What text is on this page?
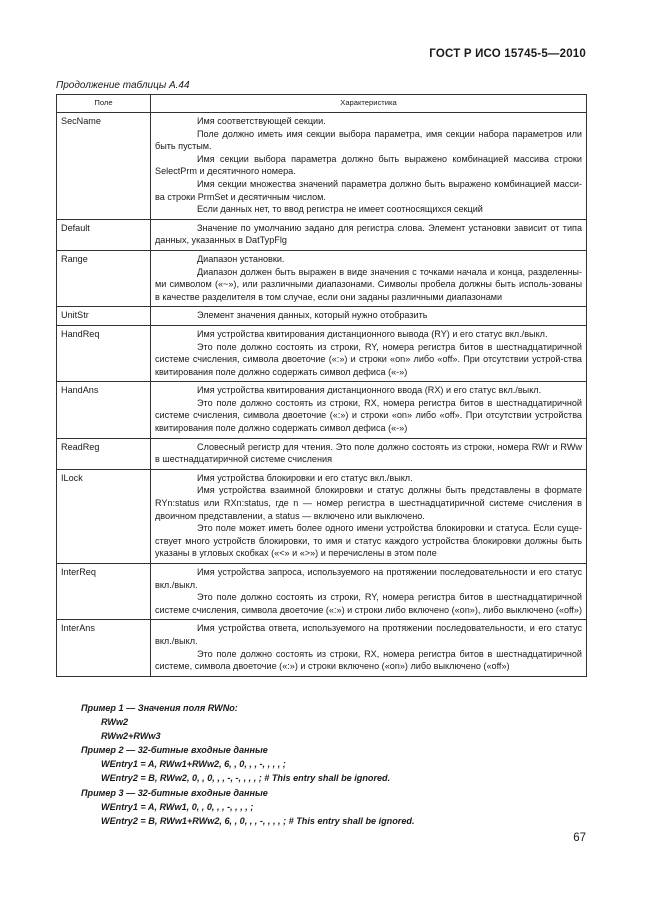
ГОСТ Р ИСО 15745-5—2010
Продолжение таблицы А.44
Поле	Характеристика
SecName	Имя соответствующей секции.

Поле должно иметь имя секции выбора параметра, имя секции набора параметров или быть пустым.

Имя секции выбора параметра должно быть выражено комбинацией массива строки SelectPrm и десятичного номера.

Имя секции множества значений параметра должно быть выражено комбинацией масси-ва строки PrmSet и десятичным числом.

Если данных нет, то ввод регистра не имеет соотносящихся секций

Default	Значение по умолчанию задано для регистра слова. Элемент установки зависит от типа данных, указанных в DatTypFlg

Range	Диапазон установки.

Диапазон должен быть выражен в виде значения с точками начала и конца, разделенны-ми символом («~»), или различными диапазонами. Символы пробела должны быть исполь-зованы в качестве разделителя в том случае, если они заданы различными диапазонами

UnitStr	Элемент значения данных, который нужно отобразить

HandReq	Имя устройства квитирования дистанционного вывода (RY) и его статус вкл./выкл.

Это поле должно состоять из строки, RY, номера регистра битов в шестнадцатиричной системе счисления, символа двоеточие («:») и строки «on» либо «off». При отсутствии устрой-ства квитирования поле должно содержать символ дефиса («-»)

HandAns	Имя устройства квитирования дистанционного ввода (RX) и его статус вкл./выкл.

Это поле должно состоять из строки, RX, номера регистра битов в шестнадцатиричной системе счисления, символа двоеточие («:») и строки «on» либо «off». При отсутствии устройства квитирования поле должно содержать символ дефиса («-»)

ReadReg	Словесный регистр для чтения. Это поле должно состоять из строки, номера RWr и RWw в шестнадцатиричной системе счисления

ILock	Имя устройства блокировки и его статус вкл./выкл.

Имя устройства взаимной блокировки и статус должны быть представлены в формате RYn:status или RXn:status, где n — номер регистра в шестнадцатиричной системе счисления в двоичном представлении, а status — включено или выключено.

Это поле может иметь более одного имени устройства блокировки и статуса. Если суще-ствует много устройств блокировки, то имя и статус каждого устройства блокировки должны быть указаны в угловых скобках («<» и «>») и перечислены в этом поле

InterReq	Имя устройства запроса, используемого на протяжении последовательности и его статус вкл./выкл.

Это поле должно состоять из строки, RY, номера регистра битов в шестнадцатиричной системе счисления, символа двоеточие («:») и строки либо включено («on»), либо выключено («off»)

InterAns	Имя устройства ответа, используемого на протяжении последовательности, и его статус вкл./выкл.

Это поле должно состоять из строки, RX, номера регистра битов в шестнадцатиричной системе, символа двоеточие («:») и строки включено («on») либо выключено («off»)

Пример 1 — Значения поля RWNo:
RWw2
RWw2+RWw3
Пример 2 — 32-битные входные данные
WEntry1 = A, RWw1+RWw2, 6, , 0, , , -, , , , ;
WEntry2 = B, RWw2, 0, , 0, , , -, -, , , , ; # This entry shall be ignored.
Пример 3 — 32-битные входные данные
WEntry1 = A, RWw1, 0, , 0, , , -, , , , ;
WEntry2 = B, RWw1+RWw2, 6, , 0, , , -, , , , ; # This entry shall be ignored.
67
